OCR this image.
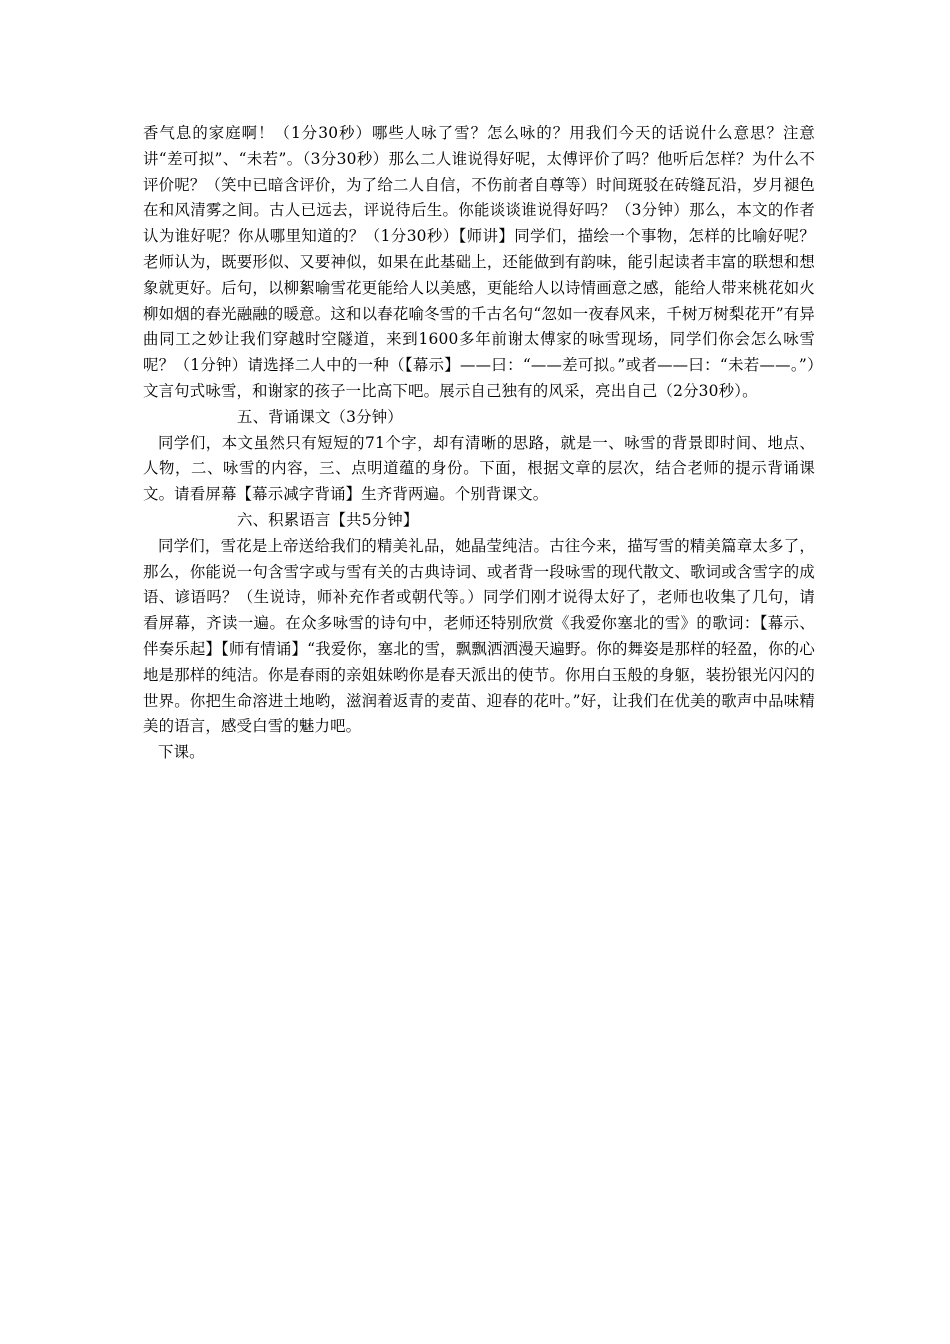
香气息的家庭啊！（1分30秒）哪些人咏了雪？怎么咏的？用我们今天的话说什么意思？注意讲“差可拟”、“未若”。（3分30秒）那么二人谁说得好呢，太傅评价了吗？他听后怎样？为什么不评价呢？（笑中已暗含评价，为了给二人自信，不伤前者自尊等）时间斑驳在砖缝瓦沿，岁月褪色在和风清雾之间。古人已远去，评说待后生。你能谈谈谁说得好吗？（3分钟）那么，本文的作者认为谁好呢？你从哪里知道的？（1分30秒）【师讲】同学们，描绘一个事物，怎样的比喻好呢？老师认为，既要形似、又要神似，如果在此基础上，还能做到有韵味，能引起读者丰富的联想和想象就更好。后句，以柳絮喻雪花更能给人以美感，更能给人以诗情画意之感，能给人带来桃花如火柳如烟的春光融融的暖意。这和以春花喻冬雪的千古名句“忽如一夜春风来，千树万树梨花开”有异曲同工之妙让我们穿越时空隧道，来到1600多年前谢太傅家的咏雪现场，同学们你会怎么咏雪呢？（1分钟）请选择二人中的一种（【幕示】——曰：“——差可拟。”或者——曰：“未若——。”）文言句式咏雪，和谢家的孩子一比高下吧。展示自己独有的风采，亮出自己（2分30秒）。

五、背诵课文（3分钟）

同学们，本文虽然只有短短的71个字，却有清晰的思路，就是一、咏雪的背景即时间、地点、人物，二、咏雪的内容，三、点明道蕴的身份。下面，根据文章的层次，结合老师的提示背诵课文。请看屏幕【幕示减字背诵】生齐背两遍。个别背课文。

六、积累语言【共5分钟】

同学们，雪花是上帝送给我们的精美礼品，她晶莹纯洁。古往今来，描写雪的精美篇章太多了，那么，你能说一句含雪字或与雪有关的古典诗词、或者背一段咏雪的现代散文、歌词或含雪字的成语、谚语吗？（生说诗，师补充作者或朝代等。）同学们刚才说得太好了，老师也收集了几句，请看屏幕，齐读一遍。在众多咏雪的诗句中，老师还特别欣赏《我爱你塞北的雪》的歌词：【幕示、伴奏乐起】【师有情诵】“我爱你，塞北的雪，飘飘洒洒漫天遍野。你的舞姿是那样的轻盈，你的心地是那样的纯洁。你是春雨的亲姐妹哟你是春天派出的使节。你用白玉般的身躯，装扮银光闪闪的世界。你把生命溶进土地哟，滋润着返青的麦苗、迎春的花叶。”好，让我们在优美的歌声中品味精美的语言，感受白雪的魅力吧。

下课。
